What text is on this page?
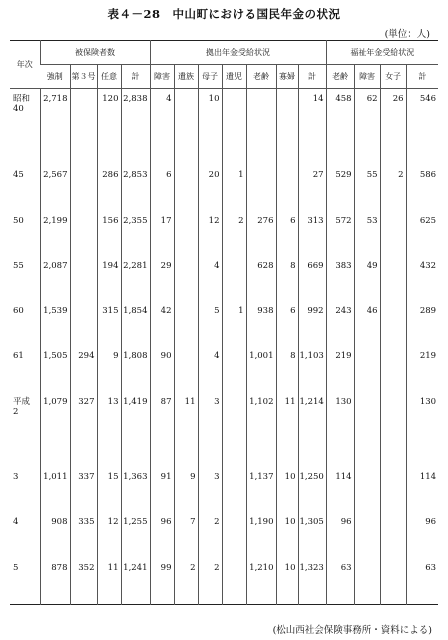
表４－28　中山町における国民年金の状況
(単位：人)
年次	被保険者数				拠出年金受給状況							福祉年金受給状況			
	強制	第３号	任意	計	障害	遺族	母子	遺児	老齢	寡婦	計	老齢	障害	女子	計

昭和
40	2,718		120	2,838	4		10				14	458	62	26	546
45	2,567		286	2,853	6		20	1			27	529	55	2	586
50	2,199		156	2,355	17		12	2	276	6	313	572	53		625
55	2,087		194	2,281	29		4		628	8	669	383	49		432
60	1,539		315	1,854	42		5	1	938	6	992	243	46		289
61	1,505	294	9	1,808	90		4		1,001	8	1,103	219			219

平成
2	1,079	327	13	1,419	87	11	3		1,102	11	1,214	130			130
3	1,011	337	15	1,363	91	9	3		1,137	10	1,250	114			114
4	908	335	12	1,255	96	7	2		1,190	10	1,305	96			96
5	878	352	11	1,241	99	2	2		1,210	10	1,323	63			63
(松山西社会保険事務所・資料による)
